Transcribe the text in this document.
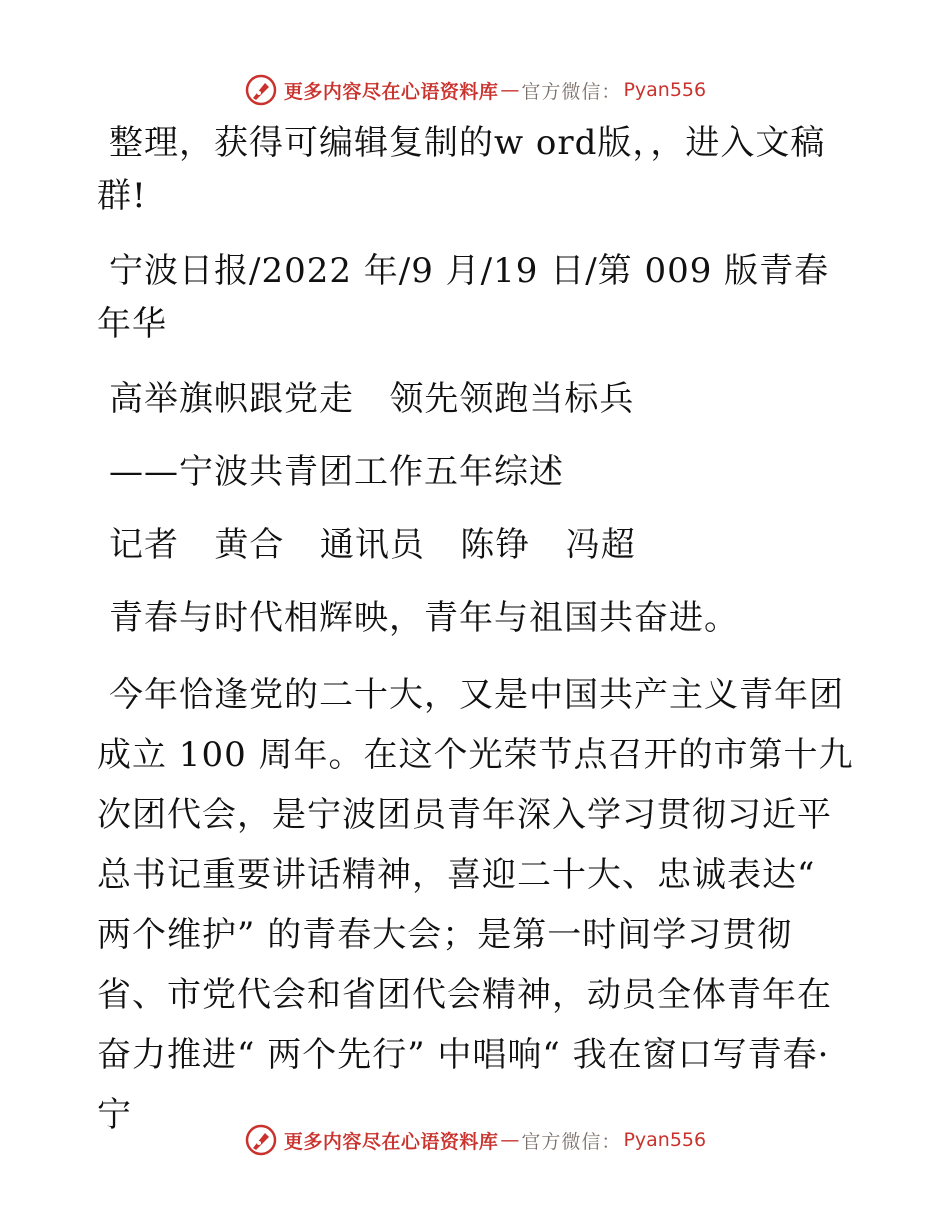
更多内容尽在心语资料库 — 官方微信： Pyan556

整理，获得可编辑复制的w ord版，，进入文稿群!

宁波日报/2022 年/9 月/19 日/第 009 版青春年华

高举旗帜跟党走   领先领跑当标兵

——宁波共青团工作五年综述

记者   黄合   通讯员   陈铮   冯超

青春与时代相辉映，青年与祖国共奋进。

今年恰逢党的二十大，又是中国共产主义青年团成立 100 周年。在这个光荣节点召开的市第十九次团代会，是宁波团员青年深入学习贯彻习近平总书记重要讲话精神，喜迎二十大、忠诚表达“ 两个维护” 的青春大会；是第一时间学习贯彻省、市党代会和省团代会精神，动员全体青年在奋力推进“ 两个先行” 中唱响“ 我在窗口写青春· 宁

更多内容尽在心语资料库 — 官方微信： Pyan556
